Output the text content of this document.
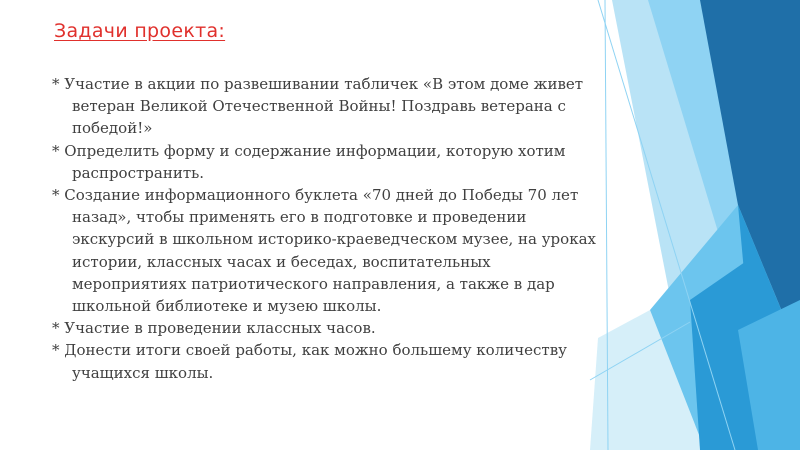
Задачи проекта:
* Участие в акции по развешивании табличек «В этом доме живет ветеран Великой Отечественной Войны! Поздравь ветерана с победой!»
* Определить форму и содержание информации, которую хотим распространить.
* Создание информационного буклета «70 дней до Победы 70 лет назад», чтобы применять его в подготовке и проведении экскурсий в школьном историко-краеведческом музее, на уроках истории, классных часах и беседах, воспитательных мероприятиях патриотического направления, а также в дар школьной библиотеке и музею школы.
* Участие в проведении классных часов.
* Донести итоги своей работы, как можно большему количеству учащихся школы.
